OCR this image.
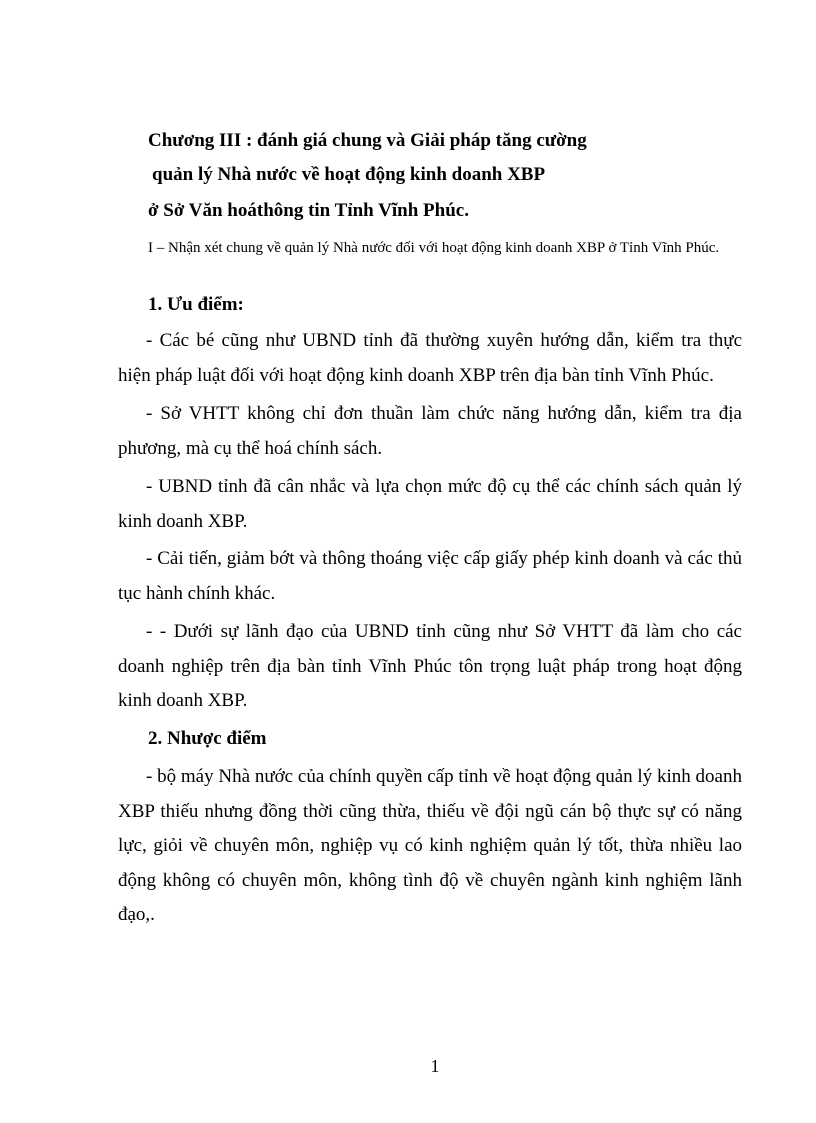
Chương III : đánh giá chung và Giải pháp tăng cường
quản lý Nhà nước về hoạt động kinh doanh XBP
ở Sở Văn hoáthông tin Tỉnh Vĩnh Phúc.
I – Nhận xét chung về quản lý Nhà nước đối với hoạt động kinh doanh XBP ở Tỉnh Vĩnh Phúc.
1. Ưu điểm:
- Các bé cũng như UBND tỉnh đã thường xuyên hướng dẫn, kiểm tra thực hiện pháp luật đối với hoạt động kinh doanh XBP trên địa bàn tỉnh Vĩnh Phúc.
- Sở VHTT không chỉ đơn thuần làm chức năng hướng dẫn, kiểm tra địa phương, mà cụ thể hoá chính sách.
- UBND tỉnh đã cân nhắc và lựa chọn mức độ cụ thể các chính sách quản lý kinh doanh XBP.
- Cải tiến, giảm bớt và thông thoáng việc cấp giấy phép kinh doanh và các thủ tục hành chính khác.
- - Dưới sự lãnh đạo của UBND tỉnh cũng như Sở VHTT đã làm cho các doanh nghiệp trên địa bàn tỉnh Vĩnh Phúc tôn trọng luật pháp trong hoạt động kinh doanh XBP.
2. Nhược điểm
- bộ máy Nhà nước của chính quyền cấp tỉnh về hoạt động quản lý kinh doanh XBP thiếu nhưng đồng thời cũng thừa, thiếu về đội ngũ cán bộ thực sự có năng lực, giỏi về chuyên môn, nghiệp vụ có kinh nghiệm quản lý tốt, thừa nhiều lao động không có chuyên môn, không tình độ về chuyên ngành kinh nghiệm lãnh đạo,.
1
